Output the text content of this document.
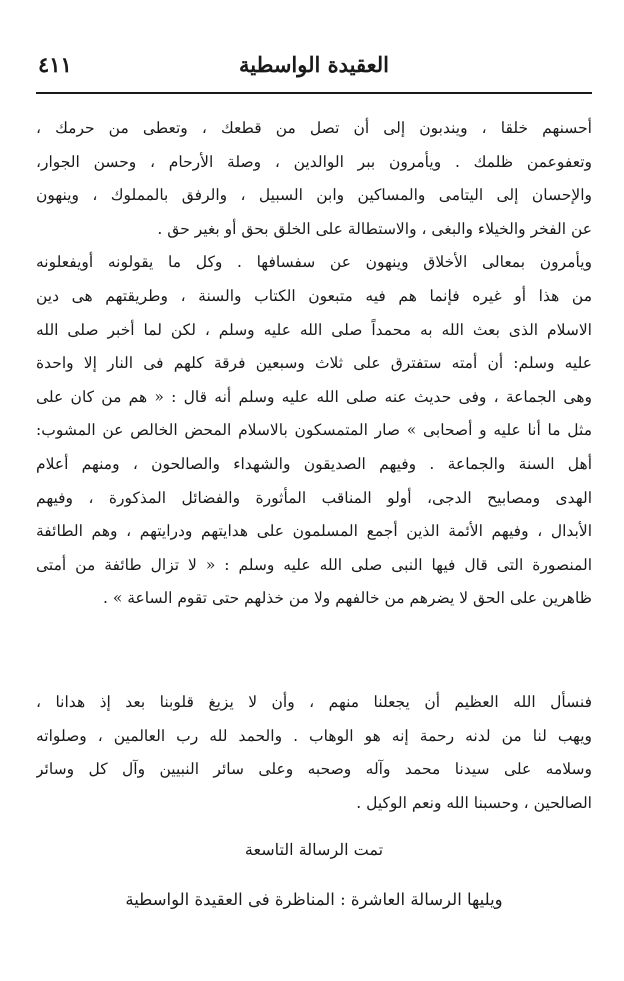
العقيدة الواسطية
٤١١
أحسنهم خلقا ، ويندبون إلى أن تصل من قطعك ، وتعطى من حرمك ،
وتعفوعمن ظلمك . ويأمرون ببر الوالدين ، وصلة الأرحام ، وحسن الجوار،
والإحسان إلى اليتامى والمساكين وابن السبيل ، والرفق بالمملوك ، وينهون
عن الفخر والخيلاء والبغى ، والاستطالة على الخلق بحق أو بغير حق .
ويأمرون بمعالى الأخلاق وينهون عن سفسافها . وكل ما يقولونه أويفعلونه
من هذا أو غيره فإنما هم فيه متبعون الكتاب والسنة ، وطريقتهم هى دين
الاسلام الذى بعث الله به محمداً صلى الله عليه وسلم ، لكن لما أخبر صلى الله
عليه وسلم: أن أمته ستفترق على ثلاث وسبعين فرقة كلهم فى النار إلا واحدة
وهى الجماعة ، وفى حديث عنه صلى الله عليه وسلم أنه قال : « هم من كان على
مثل ما أنا عليه و أصحابى » صار المتمسكون بالاسلام المحض الخالص عن المشوب:
أهل السنة والجماعة . وفيهم الصديقون والشهداء والصالحون ، ومنهم أعلام
الهدى ومصابيح الدجى، أولو المناقب المأثورة والفضائل المذكورة ، وفيهم
الأبدال ، وفيهم الأئمة الذين أجمع المسلمون على هدايتهم ودرايتهم ، وهم الطائفة
المنصورة التى قال فيها النبى صلى الله عليه وسلم : « لا تزال طائفة من أمتى
ظاهرين على الحق لا يضرهم من خالفهم ولا من خذلهم حتى تقوم الساعة » .
فنسأل الله العظيم أن يجعلنا منهم ، وأن لا يزيغ قلوبنا بعد إذ هدانا ،
ويهب لنا من لدنه رحمة إنه هو الوهاب . والحمد لله رب العالمين ، وصلواته
وسلامه على سيدنا محمد وآله وصحبه وعلى سائر النبيين وآل كل وسائر
الصالحين ، وحسبنا الله ونعم الوكيل .
تمت الرسالة التاسعة
ويليها الرسالة العاشرة : المناظرة فى العقيدة الواسطية
